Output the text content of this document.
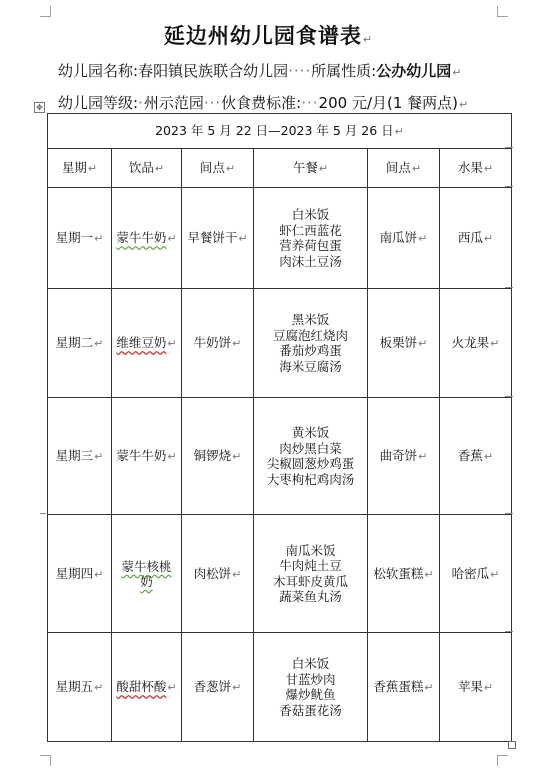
延边州幼儿园食谱表↵
幼儿园名称:春阳镇民族联合幼儿园····所属性质:公办幼儿园↵
✥ 幼儿园等级:·州示范园···伙食费标准:···200 元/月(1 餐两点)↵
2023 年 5 月 22 日—2023 年 5 月 26 日↵					
星期↵	饮品↵	间点↵	午餐↵	间点↵	水果↵
星期一↵	蒙牛牛奶↵	早餐饼干↵	白米饭
虾仁西蓝花
营养荷包蛋
肉沫土豆汤	南瓜饼↵	西瓜↵
星期二↵	维维豆奶↵	牛奶饼↵	黑米饭
豆腐泡红烧肉
番茄炒鸡蛋
海米豆腐汤	板栗饼↵	火龙果↵
星期三↵	蒙牛牛奶↵	铜锣烧↵	黄米饭
肉炒黑白菜
尖椒圆葱炒鸡蛋
大枣枸杞鸡肉汤	曲奇饼↵	香蕉↵
星期四↵	蒙牛核桃奶	肉松饼↵	南瓜米饭
牛肉炖土豆
木耳虾皮黄瓜
蔬菜鱼丸汤	松软蛋糕↵	哈密瓜↵
星期五↵	酸甜杯酸↵	香葱饼↵	白米饭
甘蓝炒肉
爆炒鱿鱼
香菇蛋花汤	香蕉蛋糕↵	苹果↵
